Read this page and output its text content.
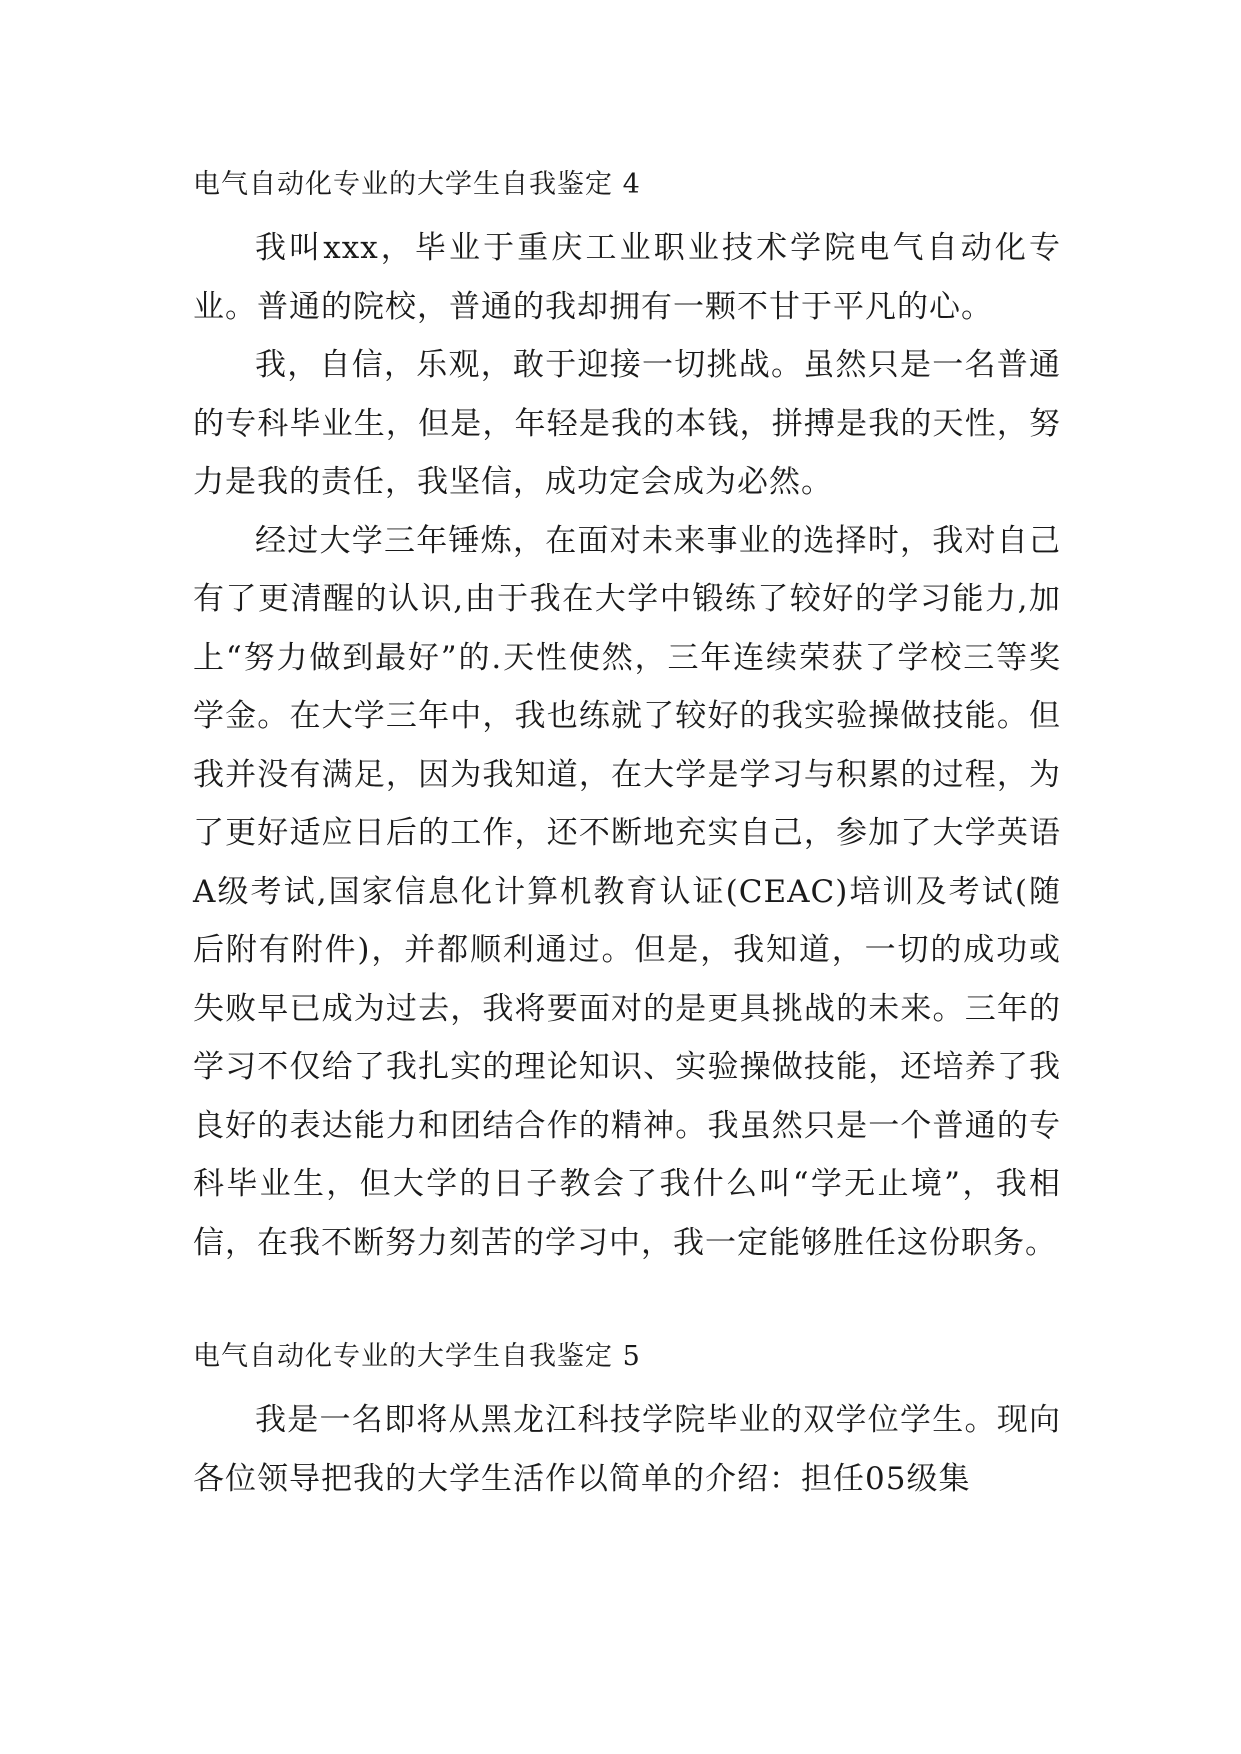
电气自动化专业的大学生自我鉴定 4

我叫xxx，毕业于重庆工业职业技术学院电气自动化专业。普通的院校，普通的我却拥有一颗不甘于平凡的心。

我，自信，乐观，敢于迎接一切挑战。虽然只是一名普通的专科毕业生，但是，年轻是我的本钱，拼搏是我的天性，努力是我的责任，我坚信，成功定会成为必然。

经过大学三年锤炼，在面对未来事业的选择时，我对自己有了更清醒的认识,由于我在大学中锻练了较好的学习能力,加上“努力做到最好”的.天性使然，三年连续荣获了学校三等奖学金。在大学三年中，我也练就了较好的我实验操做技能。但我并没有满足，因为我知道，在大学是学习与积累的过程，为了更好适应日后的工作，还不断地充实自己，参加了大学英语A级考试,国家信息化计算机教育认证(CEAC)培训及考试(随后附有附件)，并都顺利通过。但是，我知道，一切的成功或失败早已成为过去，我将要面对的是更具挑战的未来。三年的学习不仅给了我扎实的理论知识、实验操做技能，还培养了我良好的表达能力和团结合作的精神。我虽然只是一个普通的专科毕业生，但大学的日子教会了我什么叫“学无止境”，我相信，在我不断努力刻苦的学习中，我一定能够胜任这份职务。

电气自动化专业的大学生自我鉴定 5

我是一名即将从黑龙江科技学院毕业的双学位学生。现向各位领导把我的大学生活作以简单的介绍：担任05级集
